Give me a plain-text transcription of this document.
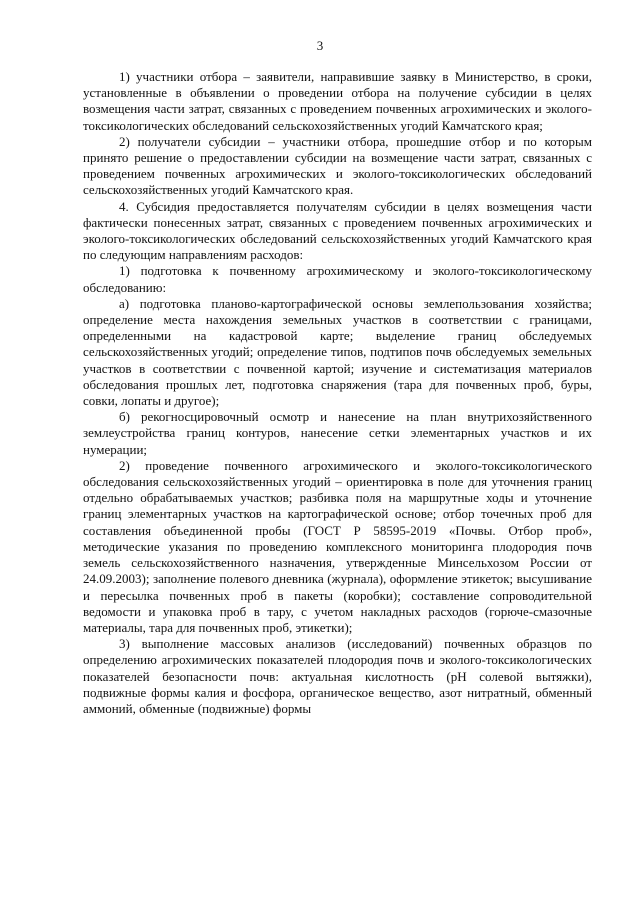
3

1) участники отбора – заявители, направившие заявку в Министерство, в сроки, установленные в объявлении о проведении отбора на получение субсидии в целях возмещения части затрат, связанных с проведением почвенных агрохимических и эколого-токсикологических обследований сельскохозяйственных угодий Камчатского края;

2) получатели субсидии – участники отбора, прошедшие отбор и по которым принято решение о предоставлении субсидии на возмещение части затрат, связанных с проведением почвенных агрохимических и эколого-токсикологических обследований сельскохозяйственных угодий Камчатского края.

4. Субсидия предоставляется получателям субсидии в целях возмещения части фактически понесенных затрат, связанных с проведением почвенных агрохимических и эколого-токсикологических обследований сельскохозяйственных угодий Камчатского края по следующим направлениям расходов:

1) подготовка к почвенному агрохимическому и эколого-токсикологическому обследованию:

а) подготовка планово-картографической основы землепользования хозяйства; определение места нахождения земельных участков в соответствии с границами, определенными на кадастровой карте; выделение границ обследуемых сельскохозяйственных угодий; определение типов, подтипов почв обследуемых земельных участков в соответствии с почвенной картой; изучение и систематизация материалов обследования прошлых лет, подготовка снаряжения (тара для почвенных проб, буры, совки, лопаты и другое);

б) рекогносцировочный осмотр и нанесение на план внутрихозяйственного землеустройства границ контуров, нанесение сетки элементарных участков и их нумерации;

2) проведение почвенного агрохимического и эколого-токсикологического обследования сельскохозяйственных угодий – ориентировка в поле для уточнения границ отдельно обрабатываемых участков; разбивка поля на маршрутные ходы и уточнение границ элементарных участков на картографической основе; отбор точечных проб для составления объединенной пробы (ГОСТ Р 58595-2019 «Почвы. Отбор проб», методические указания по проведению комплексного мониторинга плодородия почв земель сельскохозяйственного назначения, утвержденные Минсельхозом России от 24.09.2003); заполнение полевого дневника (журнала), оформление этикеток; высушивание и пересылка почвенных проб в пакеты (коробки); составление сопроводительной ведомости и упаковка проб в тару, с учетом накладных расходов (горюче-смазочные материалы, тара для почвенных проб, этикетки);

3) выполнение массовых анализов (исследований) почвенных образцов по определению агрохимических показателей плодородия почв и эколого-токсикологических показателей безопасности почв: актуальная кислотность (pH солевой вытяжки), подвижные формы калия и фосфора, органическое вещество, азот нитратный, обменный аммоний, обменные (подвижные) формы
